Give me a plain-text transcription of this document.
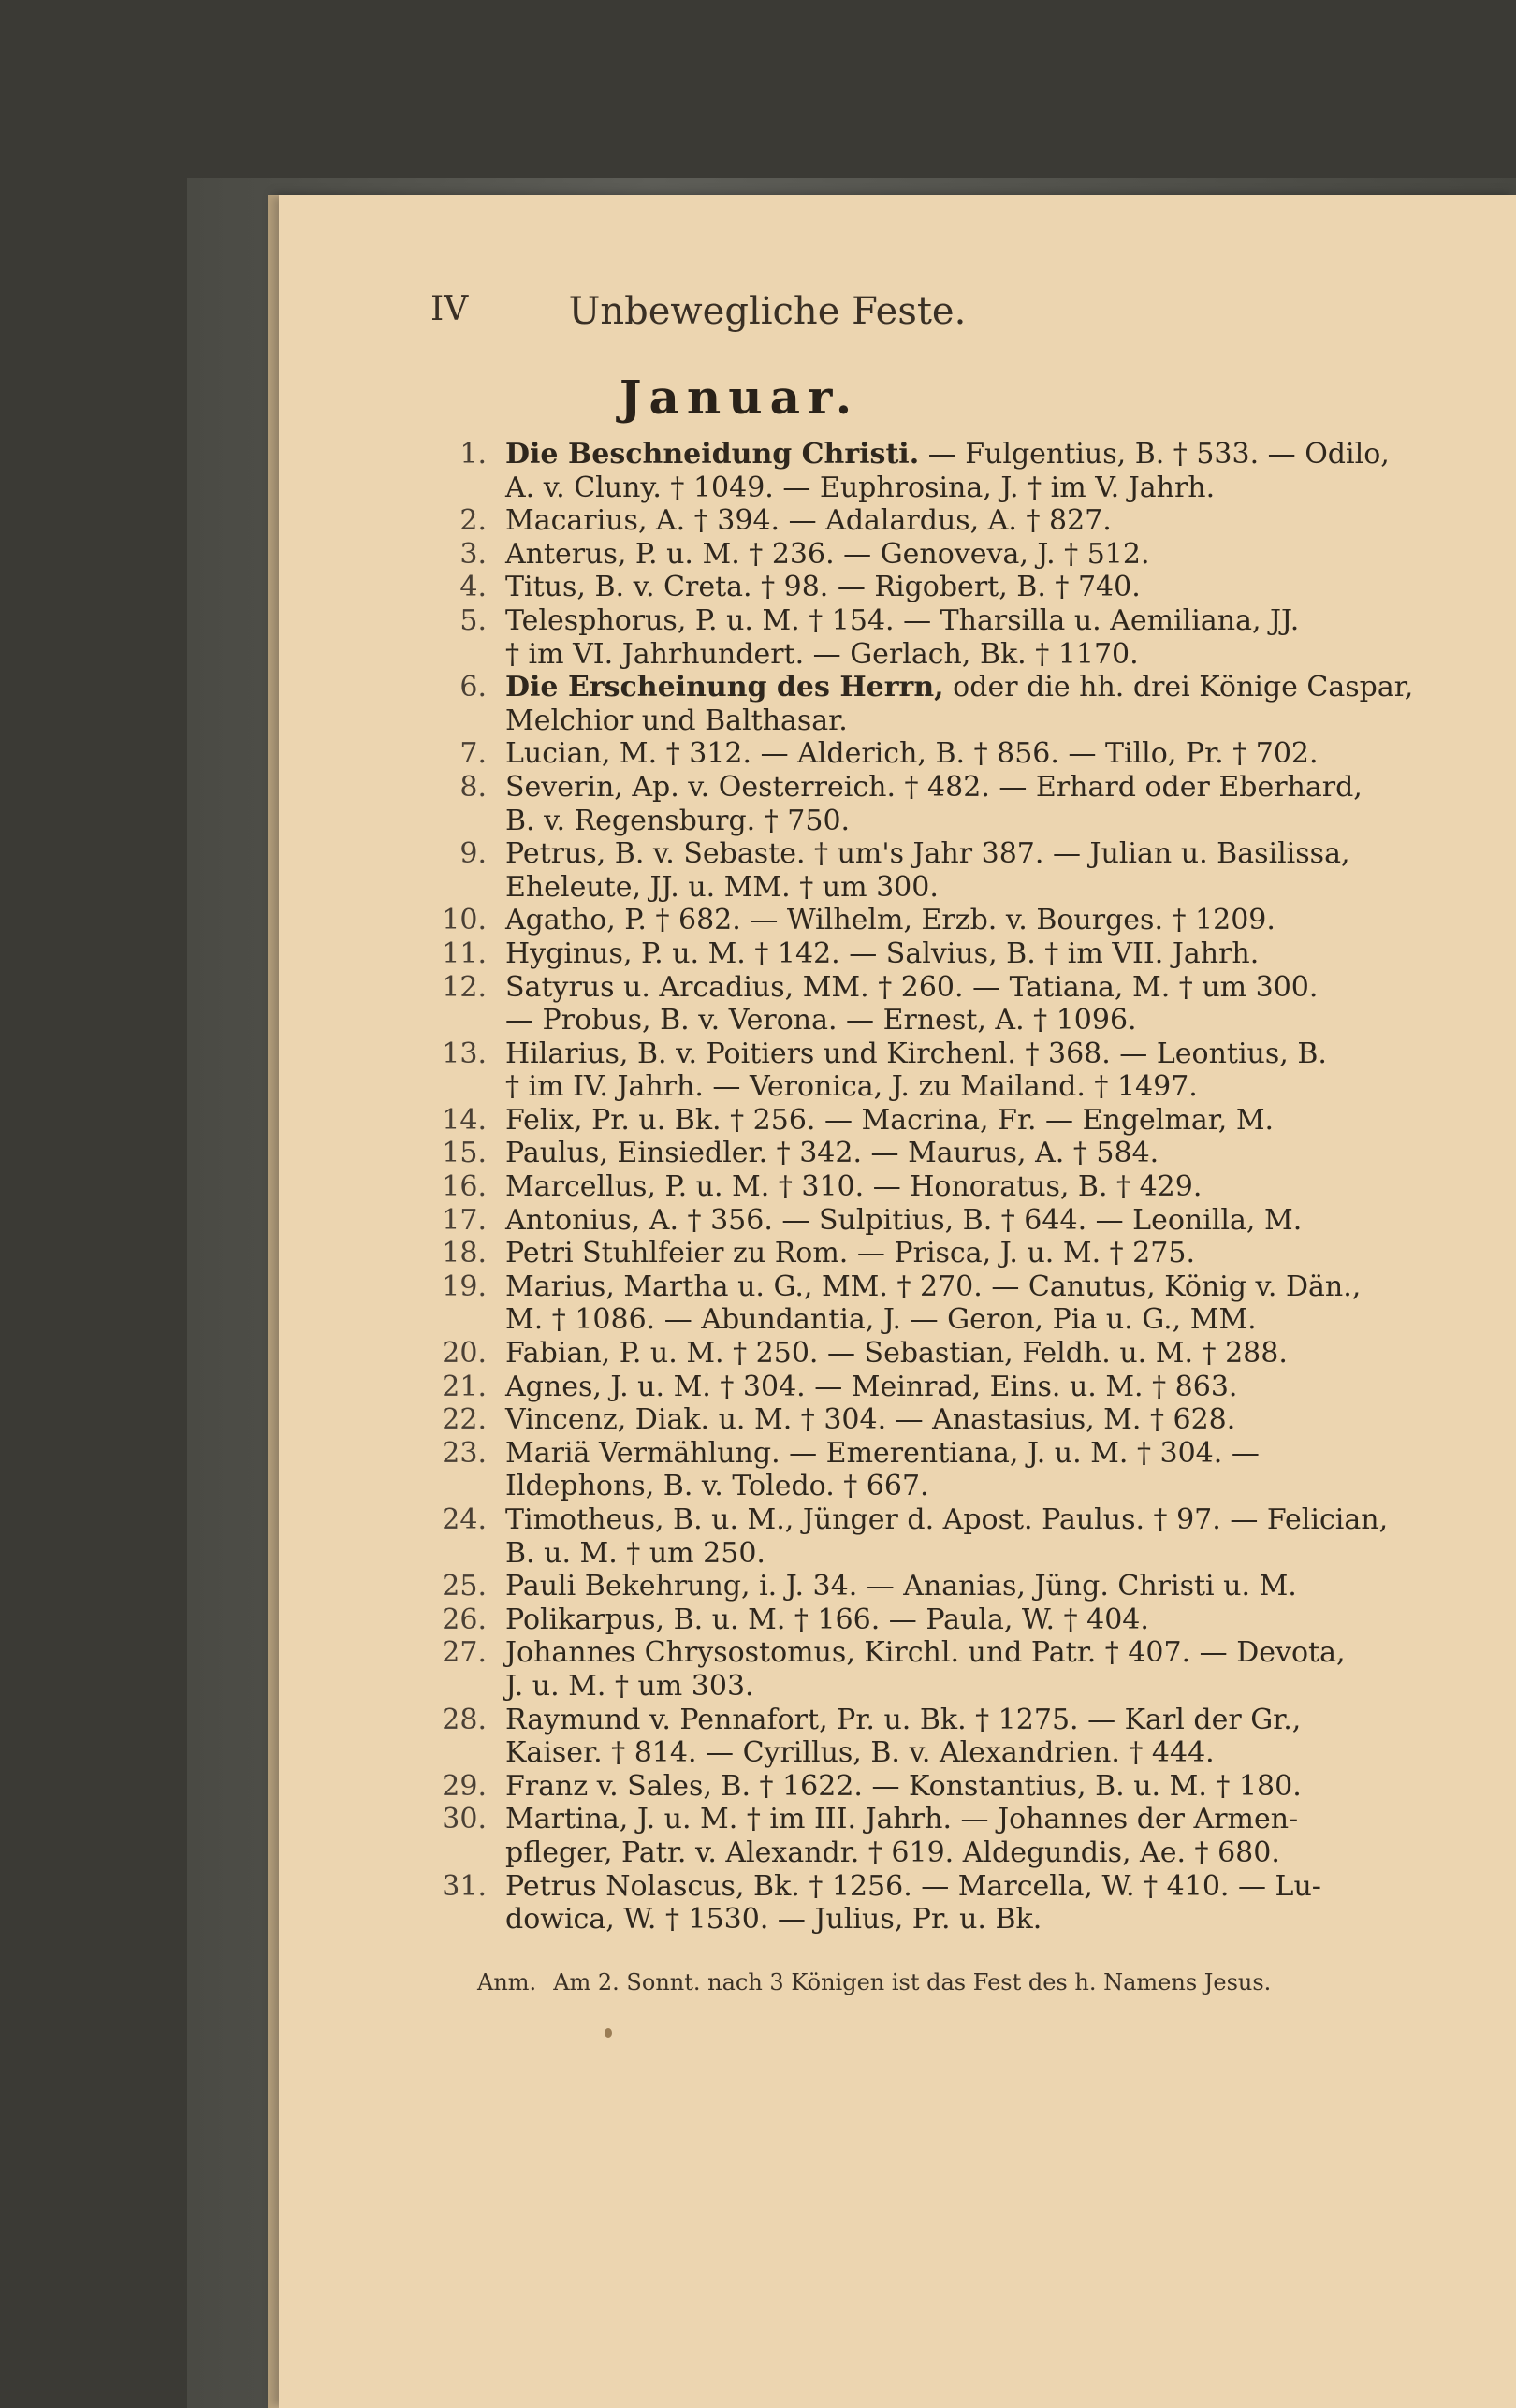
IV	Unbewegliche Feste.
Januar.
1. Die Beschneidung Christi. — Fulgentius, B. † 533. — Odilo,
A. v. Cluny. † 1049. — Euphrosina, J. † im V. Jahrh.
2. Macarius, A. † 394. — Adalardus, A. † 827.
3. Anterus, P. u. M. † 236. — Genoveva, J. † 512.
4. Titus, B. v. Creta. † 98. — Rigobert, B. † 740.
5. Telesphorus, P. u. M. † 154. — Tharsilla u. Aemiliana, JJ.
† im VI. Jahrhundert. — Gerlach, Bk. † 1170.
6. Die Erscheinung des Herrn, oder die hh. drei Könige Caspar,
Melchior und Balthasar.
7. Lucian, M. † 312. — Alderich, B. † 856. — Tillo, Pr. † 702.
8. Severin, Ap. v. Oesterreich. † 482. — Erhard oder Eberhard,
B. v. Regensburg. † 750.
9. Petrus, B. v. Sebaste. † um's Jahr 387. — Julian u. Basilissa,
Eheleute, JJ. u. MM. † um 300.
10. Agatho, P. † 682. — Wilhelm, Erzb. v. Bourges. † 1209.
11. Hyginus, P. u. M. † 142. — Salvius, B. † im VII. Jahrh.
12. Satyrus u. Arcadius, MM. † 260. — Tatiana, M. † um 300.
— Probus, B. v. Verona. — Ernest, A. † 1096.
13. Hilarius, B. v. Poitiers und Kirchenl. † 368. — Leontius, B.
† im IV. Jahrh. — Veronica, J. zu Mailand. † 1497.
14. Felix, Pr. u. Bk. † 256. — Macrina, Fr. — Engelmar, M.
15. Paulus, Einsiedler. † 342. — Maurus, A. † 584.
16. Marcellus, P. u. M. † 310. — Honoratus, B. † 429.
17. Antonius, A. † 356. — Sulpitius, B. † 644. — Leonilla, M.
18. Petri Stuhlfeier zu Rom. — Prisca, J. u. M. † 275.
19. Marius, Martha u. G., MM. † 270. — Canutus, König v. Dän.,
M. † 1086. — Abundantia, J. — Geron, Pia u. G., MM.
20. Fabian, P. u. M. † 250. — Sebastian, Feldh. u. M. † 288.
21. Agnes, J. u. M. † 304. — Meinrad, Eins. u. M. † 863.
22. Vincenz, Diak. u. M. † 304. — Anastasius, M. † 628.
23. Mariä Vermählung. — Emerentiana, J. u. M. † 304. —
Ildephons, B. v. Toledo. † 667.
24. Timotheus, B. u. M., Jünger d. Apost. Paulus. † 97. — Felician,
B. u. M. † um 250.
25. Pauli Bekehrung, i. J. 34. — Ananias, Jüng. Christi u. M.
26. Polikarpus, B. u. M. † 166. — Paula, W. † 404.
27. Johannes Chrysostomus, Kirchl. und Patr. † 407. — Devota,
J. u. M. † um 303.
28. Raymund v. Pennafort, Pr. u. Bk. † 1275. — Karl der Gr.,
Kaiser. † 814. — Cyrillus, B. v. Alexandrien. † 444.
29. Franz v. Sales, B. † 1622. — Konstantius, B. u. M. † 180.
30. Martina, J. u. M. † im III. Jahrh. — Johannes der Armen-
pfleger, Patr. v. Alexandr. † 619. Aldegundis, Ae. † 680.
31. Petrus Nolascus, Bk. † 1256. — Marcella, W. † 410. — Lu-
dowica, W. † 1530. — Julius, Pr. u. Bk.
Anm. Am 2. Sonnt. nach 3 Königen ist das Fest des h. Namens Jesus.
